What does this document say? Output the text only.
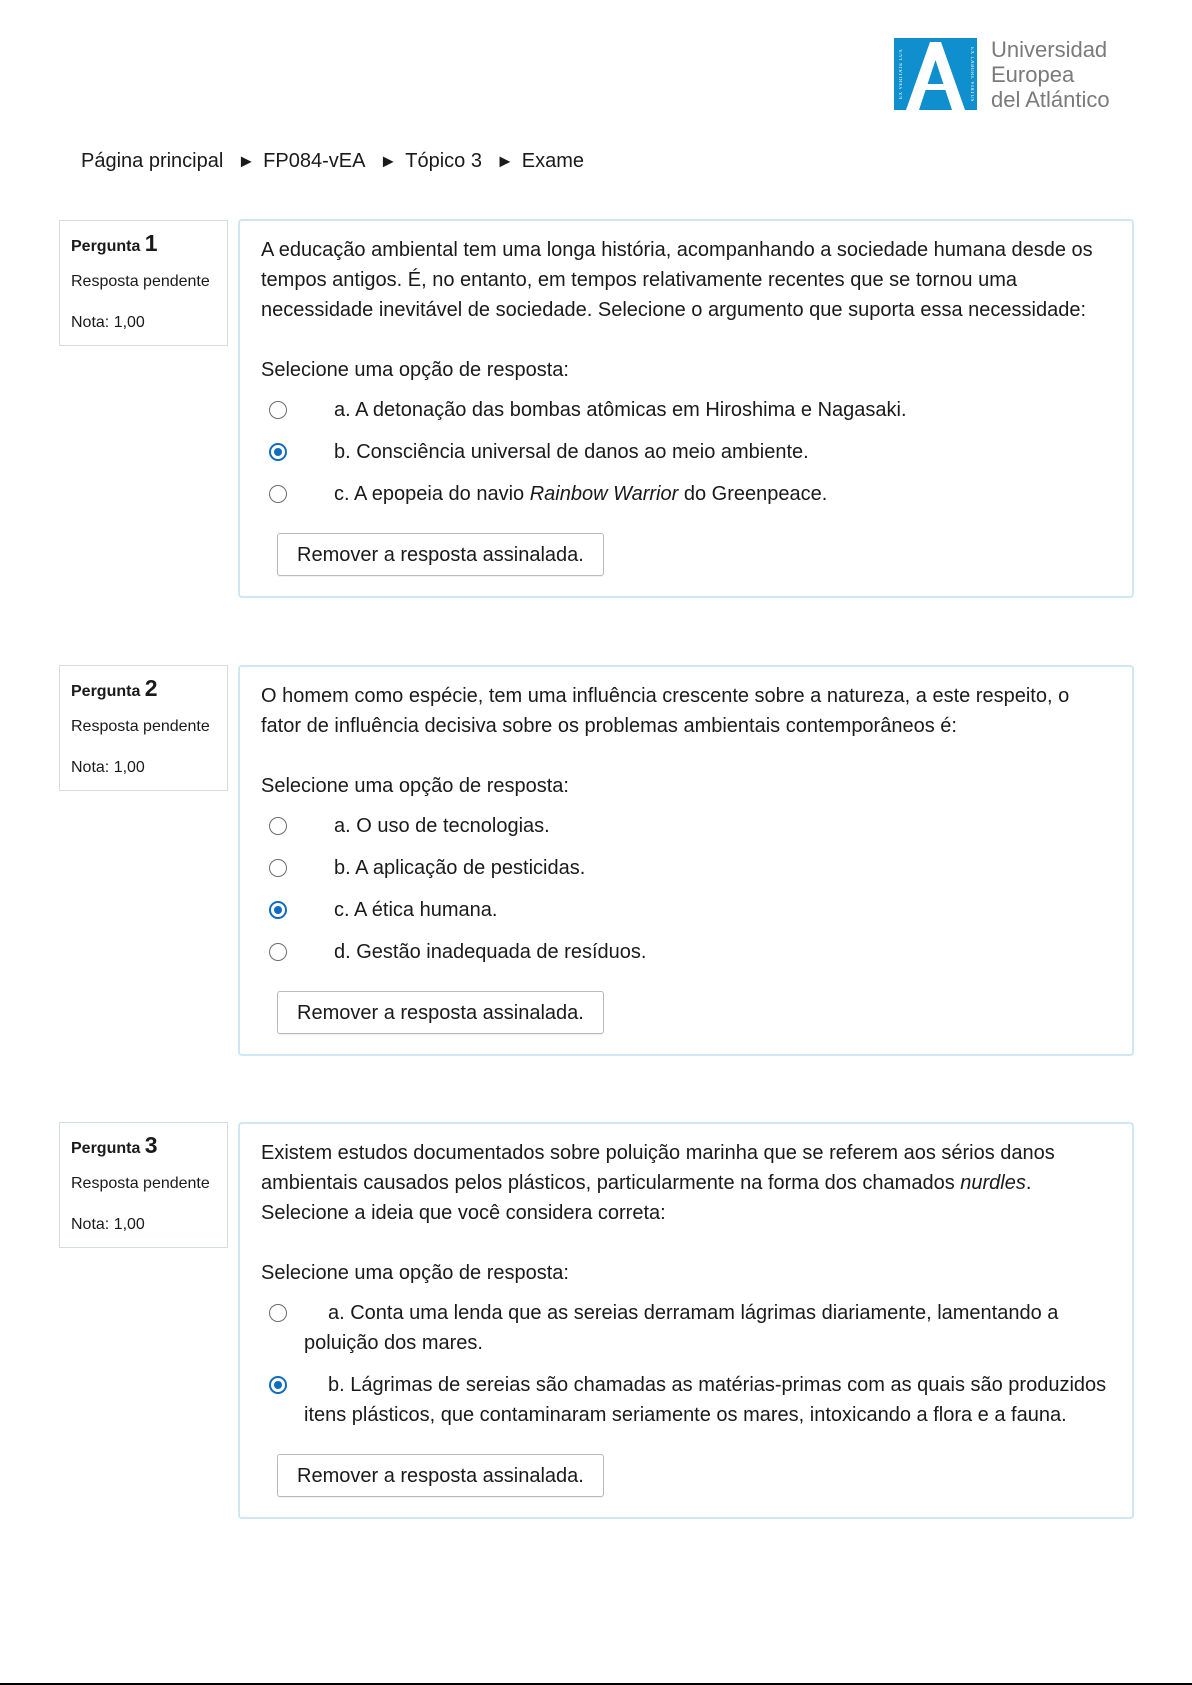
EX VERITATE LUX	EX LABORE VIRTUS Universidad
Europea
del Atlántico
Página principal ► FP084-vEA ► Tópico 3 ► Exame
Pergunta 1
Resposta pendente
Nota: 1,00
A educação ambiental tem uma longa história, acompanhando a sociedade humana desde os tempos antigos. É, no entanto, em tempos relativamente recentes que se tornou uma necessidade inevitável de sociedade. Selecione o argumento que suporta essa necessidade:
Selecione uma opção de resposta:
a. A detonação das bombas atômicas em Hiroshima e Nagasaki.
b. Consciência universal de danos ao meio ambiente.
c. A epopeia do navio Rainbow Warrior do Greenpeace.
Remover a resposta assinalada.
Pergunta 2
Resposta pendente
Nota: 1,00
O homem como espécie, tem uma influência crescente sobre a natureza, a este respeito, o fator de influência decisiva sobre os problemas ambientais contemporâneos é:
Selecione uma opção de resposta:
a. O uso de tecnologias.
b. A aplicação de pesticidas.
c. A ética humana.
d. Gestão inadequada de resíduos.
Remover a resposta assinalada.
Pergunta 3
Resposta pendente
Nota: 1,00
Existem estudos documentados sobre poluição marinha que se referem aos sérios danos ambientais causados pelos plásticos, particularmente na forma dos chamados nurdles. Selecione a ideia que você considera correta:
Selecione uma opção de resposta:
a. Conta uma lenda que as sereias derramam lágrimas diariamente, lamentando a poluição dos mares.
b. Lágrimas de sereias são chamadas as matérias-primas com as quais são produzidos itens plásticos, que contaminaram seriamente os mares, intoxicando a flora e a fauna.
Remover a resposta assinalada.
